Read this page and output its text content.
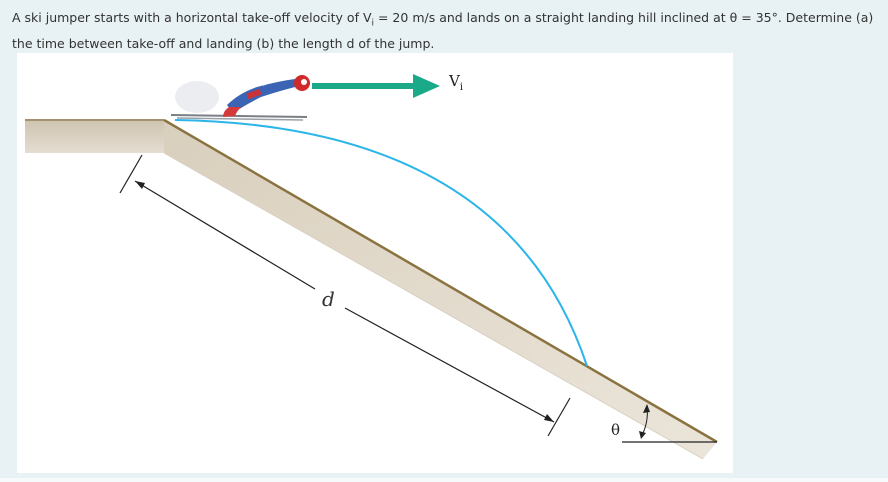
A ski jumper starts with a horizontal take-off velocity of $V_i = 20$ m/s and lands on a straight landing hill inclined at θ = 35°. Determine (a) the time between take-off and landing (b) the length d of the jump.
$V_i$
d
θ
